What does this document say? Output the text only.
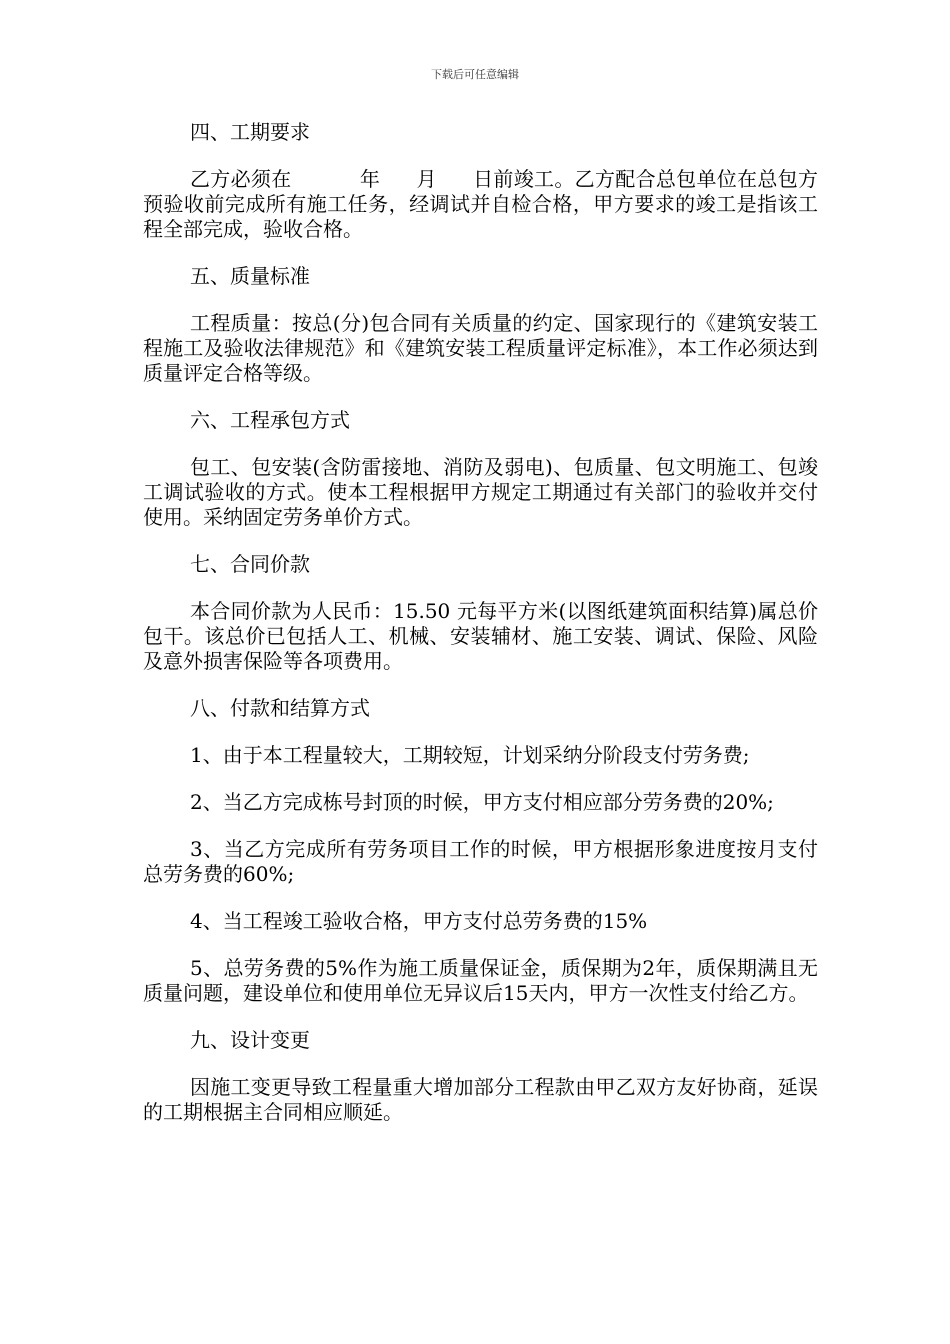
下载后可任意编辑

四、工期要求

乙方必须在	年 月 日前竣工。乙方配合总包单位在总包方预验收前完成所有施工任务，经调试并自检合格，甲方要求的竣工是指该工程全部完成，验收合格。

五、质量标准

工程质量：按总(分)包合同有关质量的约定、国家现行的《建筑安装工程施工及验收法律规范》和《建筑安装工程质量评定标准》，本工作必须达到质量评定合格等级。

六、工程承包方式

包工、包安装(含防雷接地、消防及弱电)、包质量、包文明施工、包竣工调试验收的方式。使本工程根据甲方规定工期通过有关部门的验收并交付使用。采纳固定劳务单价方式。

七、合同价款

本合同价款为人民币：15.50 元每平方米(以图纸建筑面积结算)属总价包干。该总价已包括人工、机械、安装辅材、施工安装、调试、保险、风险及意外损害保险等各项费用。

八、付款和结算方式

1、由于本工程量较大，工期较短，计划采纳分阶段支付劳务费;

2、当乙方完成栋号封顶的时候，甲方支付相应部分劳务费的20%;

3、当乙方完成所有劳务项目工作的时候，甲方根据形象进度按月支付总劳务费的60%;

4、当工程竣工验收合格，甲方支付总劳务费的15%

5、总劳务费的5%作为施工质量保证金，质保期为2年，质保期满且无质量问题，建设单位和使用单位无异议后15天内，甲方一次性支付给乙方。

九、设计变更

因施工变更导致工程量重大增加部分工程款由甲乙双方友好协商，延误的工期根据主合同相应顺延。
